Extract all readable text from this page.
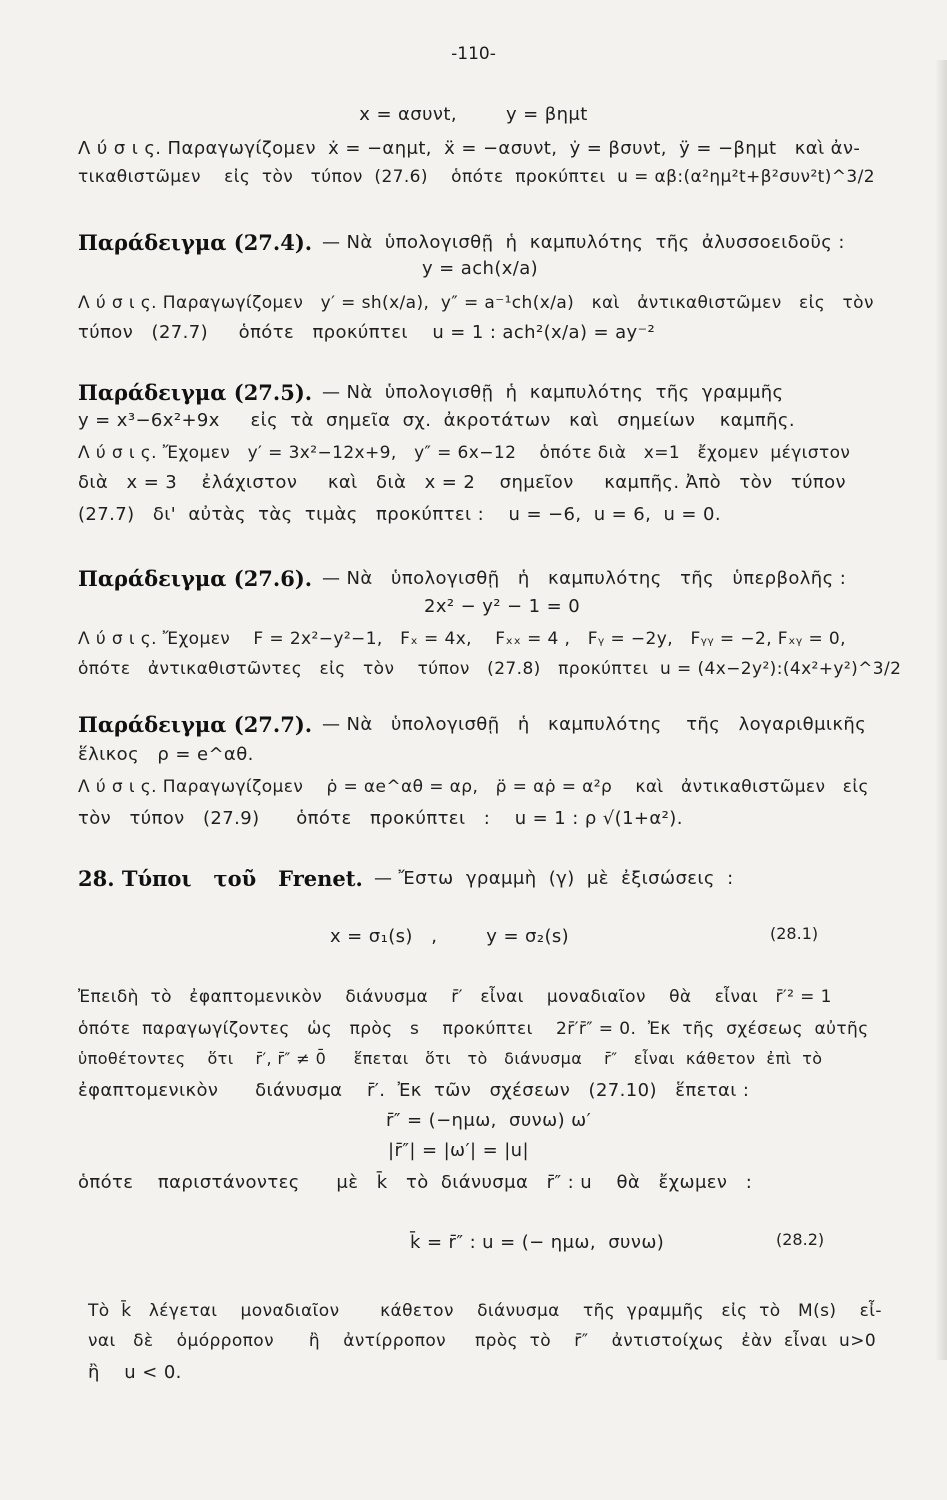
-110-

x = ασυνt,        y = βημt

Λ ύ σ ι ς. Παραγωγίζομεν  ẋ = −αημt,  ẍ = −ασυνt,  ẏ = βσυνt,  ÿ = −βημt   καὶ ἀν-

τικαθιστῶμεν    εἰς  τὸν   τύπον  (27.6)    ὁπότε  προκύπτει  u = αβ:(α²ημ²t+β²συν²t)^3/2

Παράδειγμα (27.4). — Νὰ  ὑπολογισθῇ  ἡ  καμπυλότης  τῆς  ἀλυσσοειδοῦς :

y = ach(x/a)

Λ ύ σ ι ς. Παραγωγίζομεν   y′ = sh(x/a),  y″ = a⁻¹ch(x/a)   καὶ   ἀντικαθιστῶμεν   εἰς   τὸν

τύπον   (27.7)     ὁπότε   προκύπτει    u = 1 : ach²(x/a) = ay⁻²

Παράδειγμα (27.5). — Νὰ  ὑπολογισθῇ  ἡ  καμπυλότης  τῆς  γραμμῆς

y = x³−6x²+9x     εἰς  τὰ  σημεῖα  σχ.  ἀκροτάτων   καὶ   σημείων    καμπῆς.

Λ ύ σ ι ς. Ἔχομεν   y′ = 3x²−12x+9,   y″ = 6x−12    ὁπότε διὰ   x=1   ἔχομεν  μέγιστον

διὰ   x = 3    ἐλάχιστον     καὶ   διὰ   x = 2    σημεῖον     καμπῆς. Ἀπὸ   τὸν   τύπον

(27.7)   δι'  αὐτὰς  τὰς  τιμὰς   προκύπτει :    u = −6,  u = 6,  u = 0.

Παράδειγμα (27.6). — Νὰ   ὑπολογισθῇ   ἡ   καμπυλότης   τῆς   ὑπερβολῆς :

2x² − y² − 1 = 0

Λ ύ σ ι ς. Ἔχομεν    F = 2x²−y²−1,   Fₓ = 4x,    Fₓₓ = 4 ,   Fᵧ = −2y,   Fᵧᵧ = −2, Fₓᵧ = 0,

ὁπότε   ἀντικαθιστῶντες   εἰς   τὸν    τύπον   (27.8)   προκύπτει  u = (4x−2y²):(4x²+y²)^3/2

Παράδειγμα (27.7). — Νὰ   ὑπολογισθῇ   ἡ   καμπυλότης    τῆς   λογαριθμικῆς

ἕλικος   ρ = e^αθ.

Λ ύ σ ι ς. Παραγωγίζομεν    ρ̇ = αe^αθ = αρ,   ρ̈ = αρ̇ = α²ρ    καὶ   ἀντικαθιστῶμεν   εἰς

τὸν   τύπον   (27.9)      ὁπότε   προκύπτει   :    u = 1 : ρ √(1+α²).

28. Τύποι   τοῦ   Frenet. — Ἔστω  γραμμὴ  (γ)  μὲ  ἐξισώσεις  :

x = σ₁(s)   ,        y = σ₂(s)	(28.1)

Ἐπειδὴ  τὸ   ἐφαπτομενικὸν    διάνυσμα    r̄′   εἶναι    μοναδιαῖον    θὰ    εἶναι   r̄′² = 1

ὁπότε  παραγωγίζοντες   ὡς   πρὸς   s    προκύπτει    2r̄′r̄″ = 0.  Ἐκ  τῆς  σχέσεως  αὐτῆς

ὑποθέτοντες    ὅτι    r̄′, r̄″ ≠ 0̄     ἕπεται   ὅτι   τὸ   διάνυσμα    r̄″   εἶναι  κάθετον  ἐπὶ  τὸ

ἐφαπτομενικὸν      διάνυσμα    r̄′.  Ἐκ  τῶν   σχέσεων   (27.10)   ἕπεται :

r̄″ = (−ημω,  συνω) ω′

|r̄″| = |ω′| = |u|

ὁπότε    παριστάνοντες      μὲ   k̄   τὸ  διάνυσμα   r̄″ : u    θὰ   ἔχωμεν   :

k̄ = r̄″ : u = (− ημω,  συνω)	(28.2)

Τὸ  k̄   λέγεται    μοναδιαῖον       κάθετον    διάνυσμα    τῆς  γραμμῆς   εἰς  τὸ   M(s)    εἶ-

ναι   δὲ    ὁμόρροπον      ἢ    ἀντίρροπον     πρὸς  τὸ    r̄″    ἀντιστοίχως   ἐὰν  εἶναι  u>0

ἢ    u < 0.
